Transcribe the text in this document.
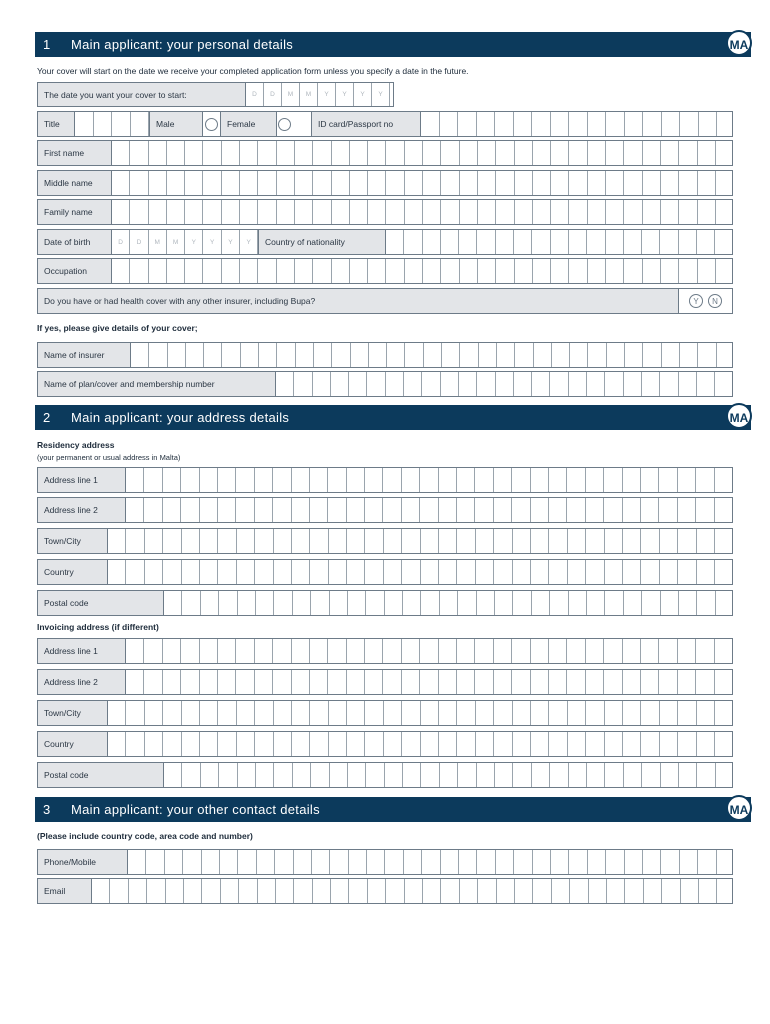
1 Main applicant: your personal details	MA
Your cover will start on the date we receive your completed application form unless you specify a date in the future.
The date you want your cover to start:	D	D	M	M	Y	Y	Y	Y
Title	Male	Female	ID card/Passport no
First name
Middle name
Family name
Date of birth	D	D	M	M	Y	Y	Y	Y	Country of nationality
Occupation
Do you have or had health cover with any other insurer, including Bupa?	Y	N
If yes, please give details of your cover;
Name of insurer
Name of plan/cover and membership number
2 Main applicant: your address details	MA
Residency address
(your permanent or usual address in Malta)
Address line 1
Address line 2
Town/City
Country
Postal code
Invoicing address (if different)
Address line 1
Address line 2
Town/City
Country
Postal code
3 Main applicant: your other contact details	MA
(Please include country code, area code and number)
Phone/Mobile
Email
